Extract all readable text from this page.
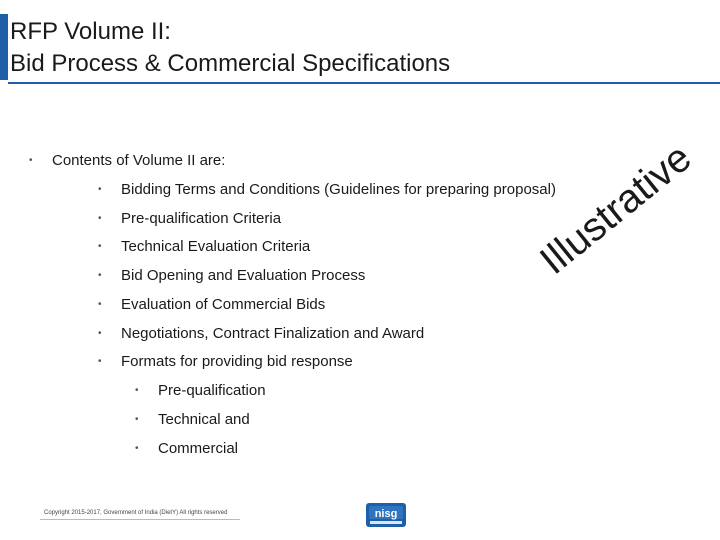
RFP Volume II:
Bid Process & Commercial Specifications
• Contents of Volume II are:
• Bidding Terms and Conditions (Guidelines for preparing proposal)
• Pre-qualification Criteria
• Technical Evaluation Criteria
• Bid Opening and Evaluation Process
• Evaluation of Commercial Bids
• Negotiations, Contract Finalization and Award
• Formats for providing bid response
• Pre-qualification
• Technical and
• Commercial
Illustrative
Copyright 2015-2017, Government of India (DietY) All rights reserved	nisg
